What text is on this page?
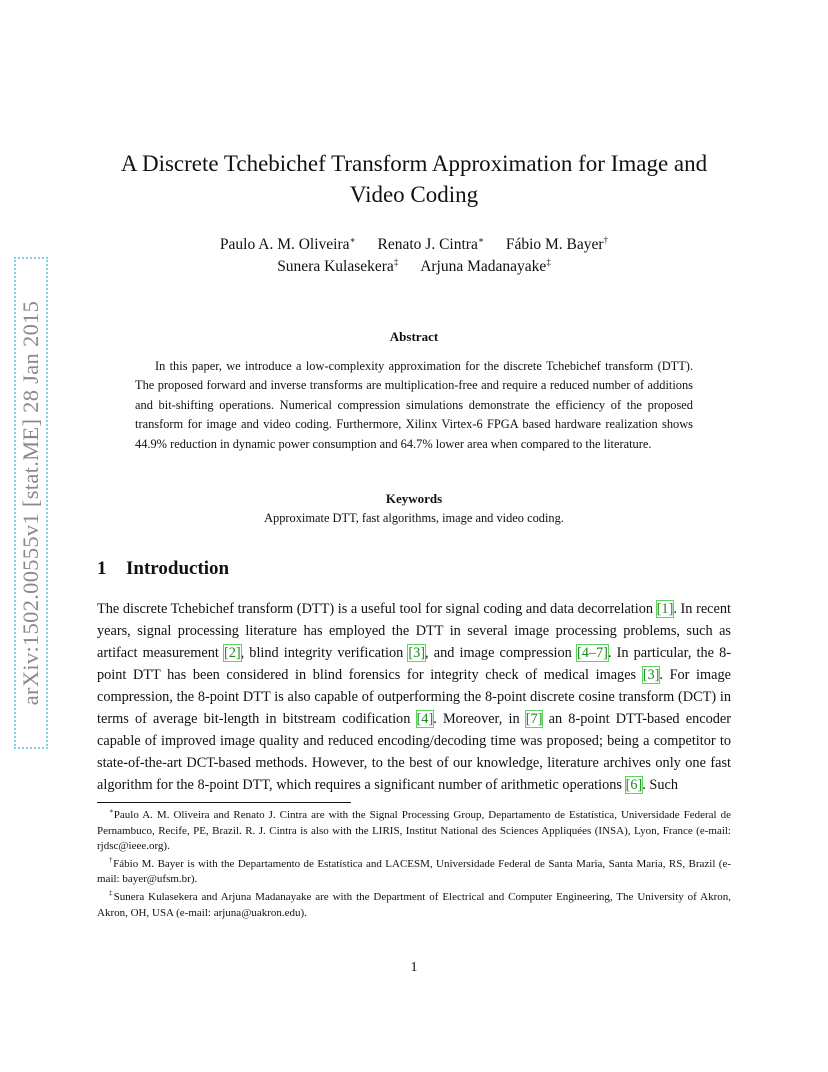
arXiv:1502.00555v1 [stat.ME] 28 Jan 2015
A Discrete Tchebichef Transform Approximation for Image and Video Coding
Paulo A. M. Oliveira∗ Renato J. Cintra∗ Fábio M. Bayer†
Sunera Kulasekera‡ Arjuna Madanayake‡
Abstract

In this paper, we introduce a low-complexity approximation for the discrete Tchebichef transform (DTT). The proposed forward and inverse transforms are multiplication-free and require a reduced number of additions and bit-shifting operations. Numerical compression simulations demonstrate the efficiency of the proposed transform for image and video coding. Furthermore, Xilinx Virtex-6 FPGA based hardware realization shows 44.9% reduction in dynamic power consumption and 64.7% lower area when compared to the literature.

Keywords
Approximate DTT, fast algorithms, image and video coding.
1 Introduction

The discrete Tchebichef transform (DTT) is a useful tool for signal coding and data decorrelation [1]. In recent years, signal processing literature has employed the DTT in several image processing problems, such as artifact measurement [2], blind integrity verification [3], and image compression [4–7]. In particular, the 8-point DTT has been considered in blind forensics for integrity check of medical images [3]. For image compression, the 8-point DTT is also capable of outperforming the 8-point discrete cosine transform (DCT) in terms of average bit-length in bitstream codification [4]. Moreover, in [7] an 8-point DTT-based encoder capable of improved image quality and reduced encoding/decoding time was proposed; being a competitor to state-of-the-art DCT-based methods. However, to the best of our knowledge, literature archives only one fast algorithm for the 8-point DTT, which requires a significant number of arithmetic operations [6]. Such

∗Paulo A. M. Oliveira and Renato J. Cintra are with the Signal Processing Group, Departamento de Estatística, Universidade Federal de Pernambuco, Recife, PE, Brazil. R. J. Cintra is also with the LIRIS, Institut National des Sciences Appliquées (INSA), Lyon, France (e-mail: rjdsc@ieee.org).

†Fábio M. Bayer is with the Departamento de Estatística and LACESM, Universidade Federal de Santa Maria, Santa Maria, RS, Brazil (e-mail: bayer@ufsm.br).

‡Sunera Kulasekera and Arjuna Madanayake are with the Department of Electrical and Computer Engineering, The University of Akron, Akron, OH, USA (e-mail: arjuna@uakron.edu).

1
